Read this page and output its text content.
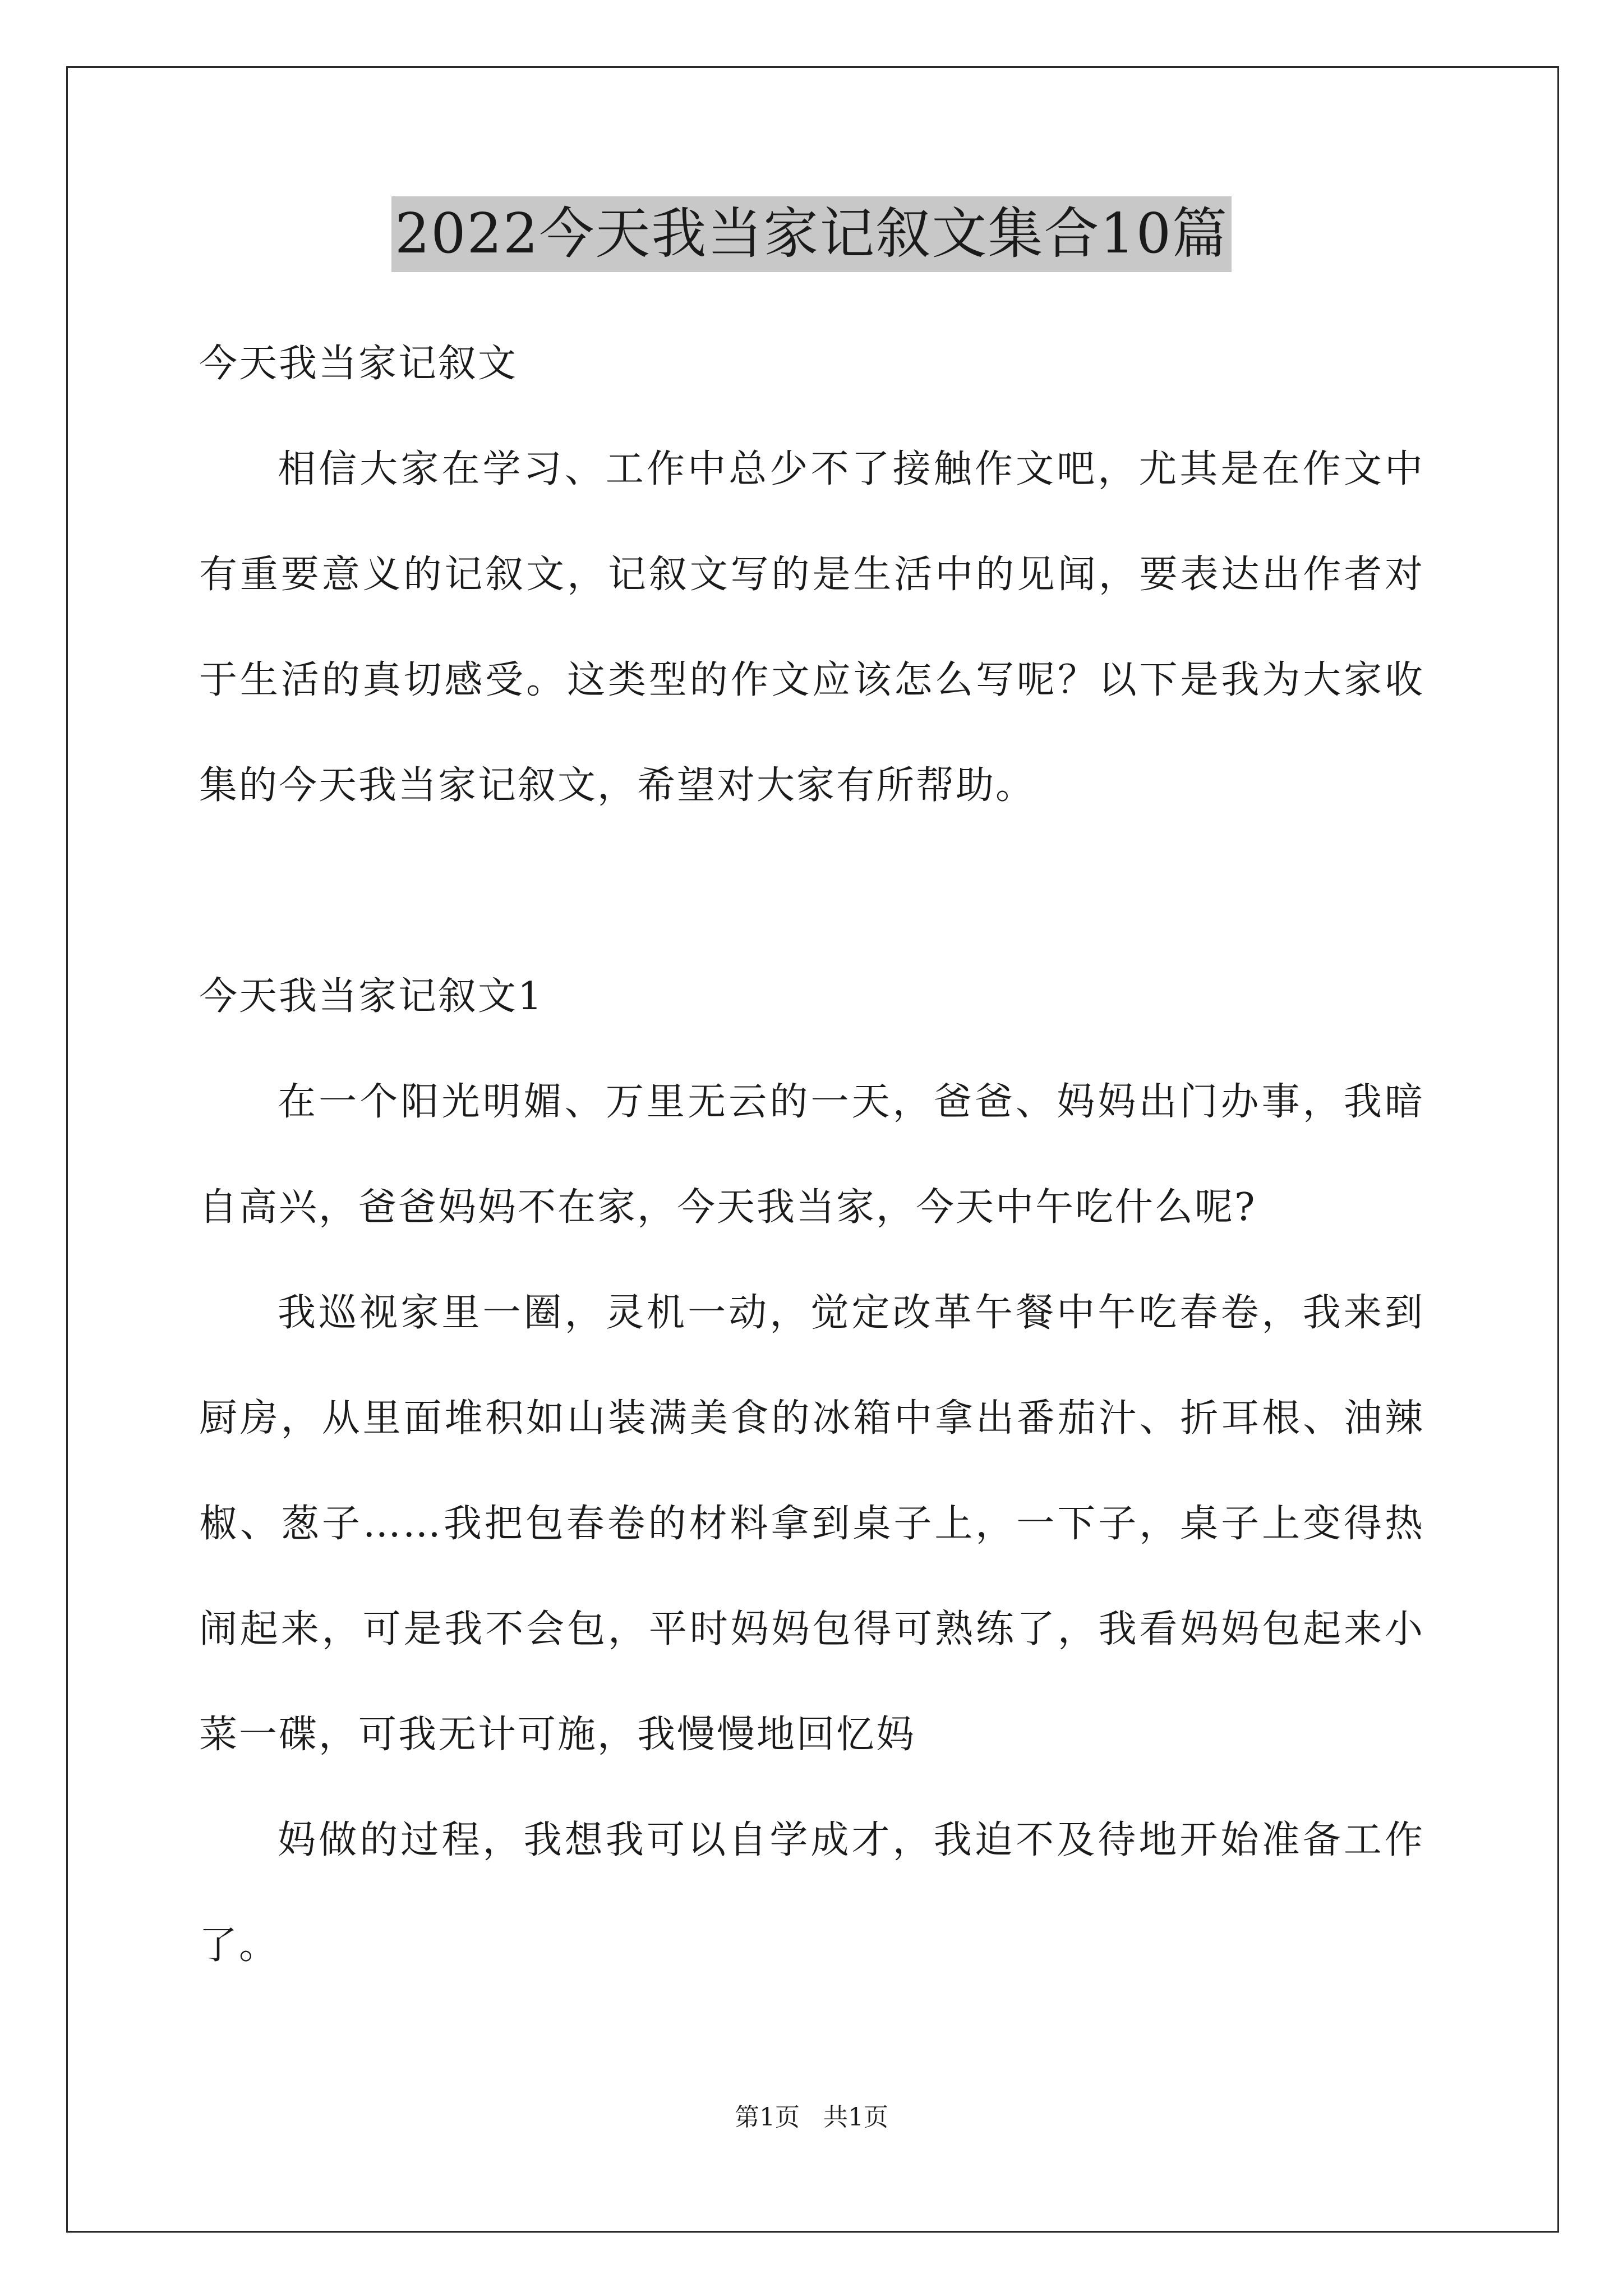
2022今天我当家记叙文集合10篇

今天我当家记叙文

相信大家在学习、工作中总少不了接触作文吧，尤其是在作文中有重要意义的记叙文，记叙文写的是生活中的见闻，要表达出作者对于生活的真切感受。这类型的作文应该怎么写呢？以下是我为大家收集的今天我当家记叙文，希望对大家有所帮助。

今天我当家记叙文1

在一个阳光明媚、万里无云的一天，爸爸、妈妈出门办事，我暗自高兴，爸爸妈妈不在家，今天我当家，今天中午吃什么呢?

我巡视家里一圈，灵机一动，觉定改革午餐中午吃春卷，我来到厨房，从里面堆积如山装满美食的冰箱中拿出番茄汁、折耳根、油辣椒、葱子……我把包春卷的材料拿到桌子上，一下子，桌子上变得热闹起来，可是我不会包，平时妈妈包得可熟练了，我看妈妈包起来小菜一碟，可我无计可施，我慢慢地回忆妈

妈做的过程，我想我可以自学成才，我迫不及待地开始准备工作了。

第1页   共1页
